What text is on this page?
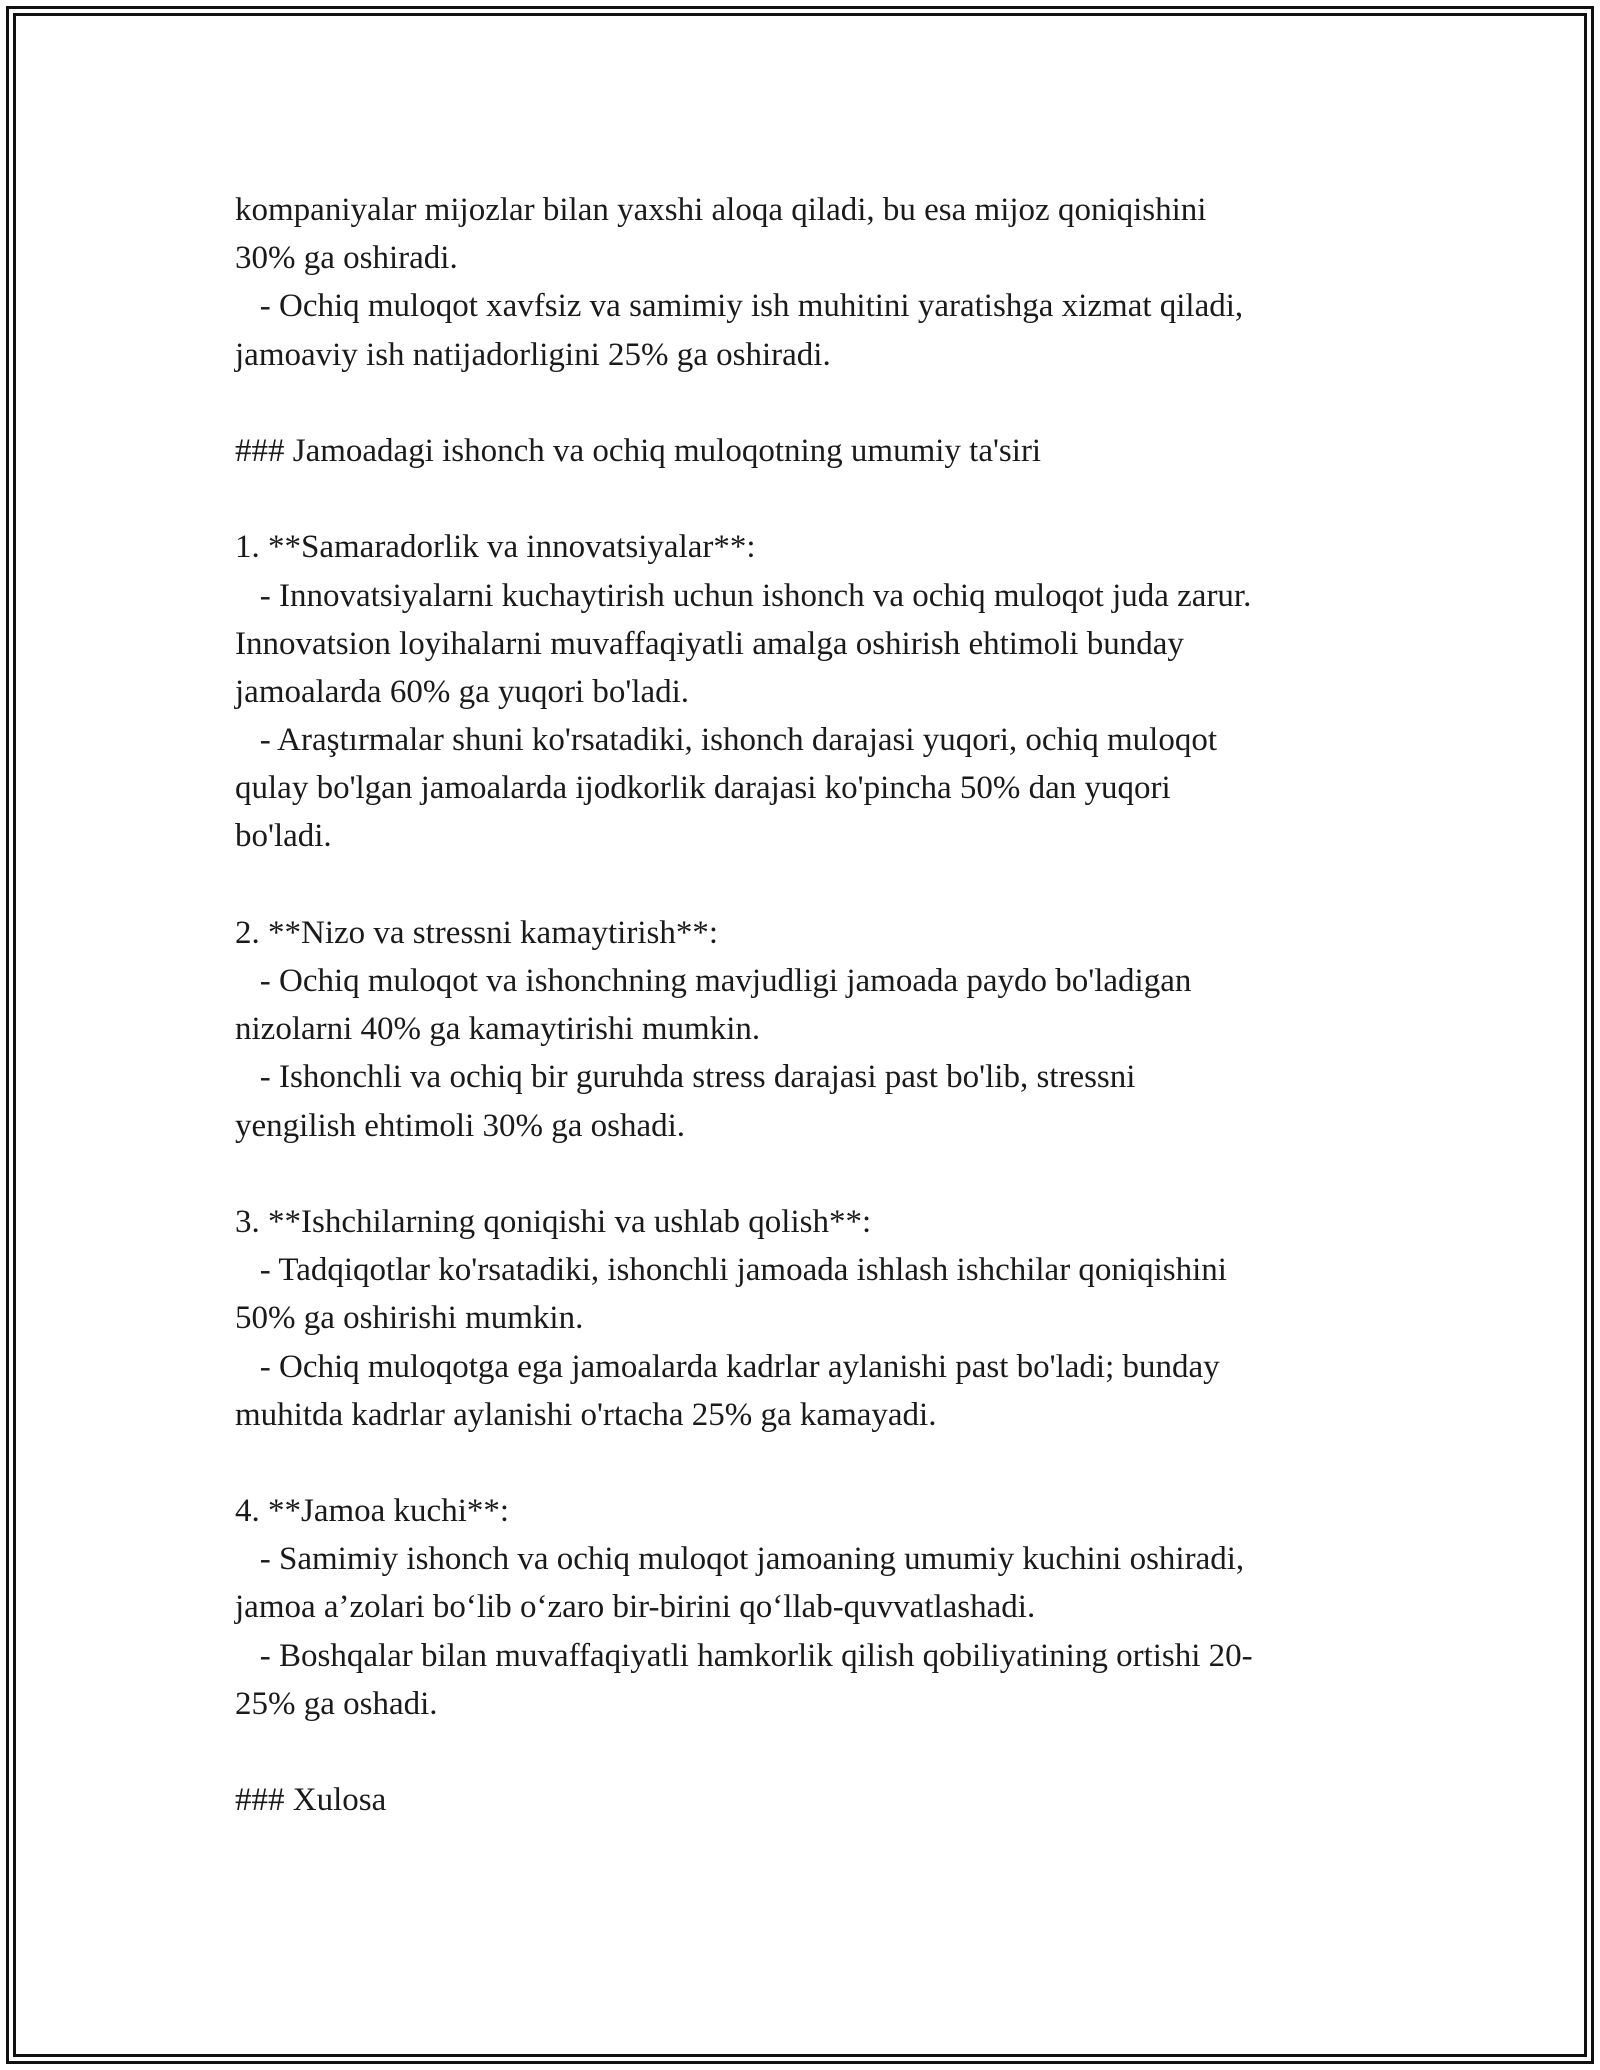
kompaniyalar mijozlar bilan yaxshi aloqa qiladi, bu esa mijoz qoniqishini
30% ga oshiradi.
- Ochiq muloqot xavfsiz va samimiy ish muhitini yaratishga xizmat qiladi,
jamoaviy ish natijadorligini 25% ga oshiradi.
### Jamoadagi ishonch va ochiq muloqotning umumiy ta'siri
1. **Samaradorlik va innovatsiyalar**:
- Innovatsiyalarni kuchaytirish uchun ishonch va ochiq muloqot juda zarur.
Innovatsion loyihalarni muvaffaqiyatli amalga oshirish ehtimoli bunday
jamoalarda 60% ga yuqori bo'ladi.
- Araştırmalar shuni ko'rsatadiki, ishonch darajasi yuqori, ochiq muloqot
qulay bo'lgan jamoalarda ijodkorlik darajasi ko'pincha 50% dan yuqori
bo'ladi.
2. **Nizo va stressni kamaytirish**:
- Ochiq muloqot va ishonchning mavjudligi jamoada paydo bo'ladigan
nizolarni 40% ga kamaytirishi mumkin.
- Ishonchli va ochiq bir guruhda stress darajasi past bo'lib, stressni
yengilish ehtimoli 30% ga oshadi.
3. **Ishchilarning qoniqishi va ushlab qolish**:
- Tadqiqotlar ko'rsatadiki, ishonchli jamoada ishlash ishchilar qoniqishini
50% ga oshirishi mumkin.
- Ochiq muloqotga ega jamoalarda kadrlar aylanishi past bo'ladi; bunday
muhitda kadrlar aylanishi o'rtacha 25% ga kamayadi.
4. **Jamoa kuchi**:
- Samimiy ishonch va ochiq muloqot jamoaning umumiy kuchini oshiradi,
jamoa a’zolari bo‘lib o‘zaro bir-birini qo‘llab-quvvatlashadi.
- Boshqalar bilan muvaffaqiyatli hamkorlik qilish qobiliyatining ortishi 20-
25% ga oshadi.
### Xulosa
